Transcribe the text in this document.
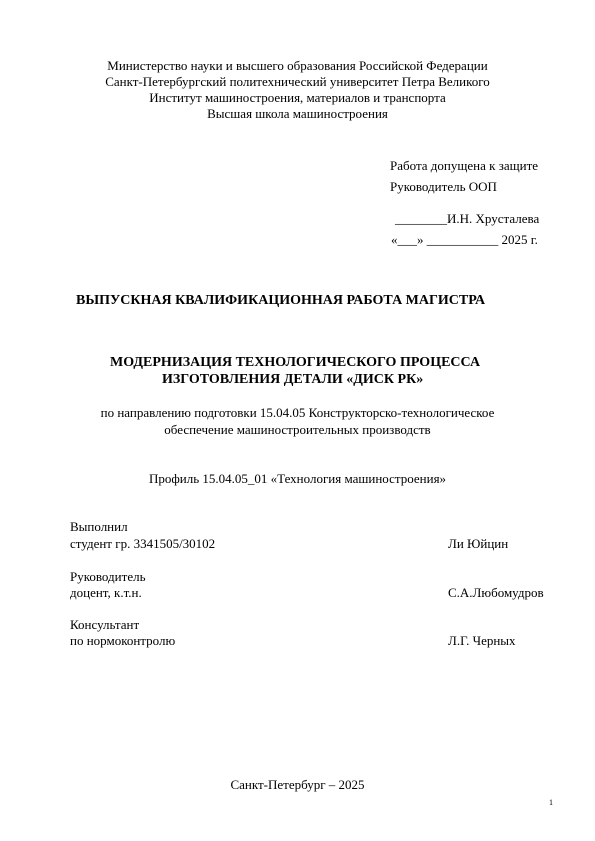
Министерство науки и высшего образования Российской Федерации
Санкт-Петербургский политехнический университет Петра Великого
Институт машиностроения, материалов и транспорта
Высшая школа машиностроения
Работа допущена к защите
Руководитель ООП
________И.Н. Хрусталева
«___» ___________ 2025 г.
ВЫПУСКНАЯ КВАЛИФИКАЦИОННАЯ РАБОТА МАГИСТРА
МОДЕРНИЗАЦИЯ ТЕХНОЛОГИЧЕСКОГО ПРОЦЕССА
ИЗГОТОВЛЕНИЯ ДЕТАЛИ «ДИСК РК»
по направлению подготовки 15.04.05 Конструкторско-технологическое
обеспечение машиностроительных производств
Профиль 15.04.05_01 «Технология машиностроения»
Выполнил
студент гр. 3341505/30102	Ли Юйцин
Руководитель
доцент, к.т.н.	С.А.Любомудров
Консультант
по нормоконтролю	Л.Г. Черных
Санкт-Петербург – 2025
1
